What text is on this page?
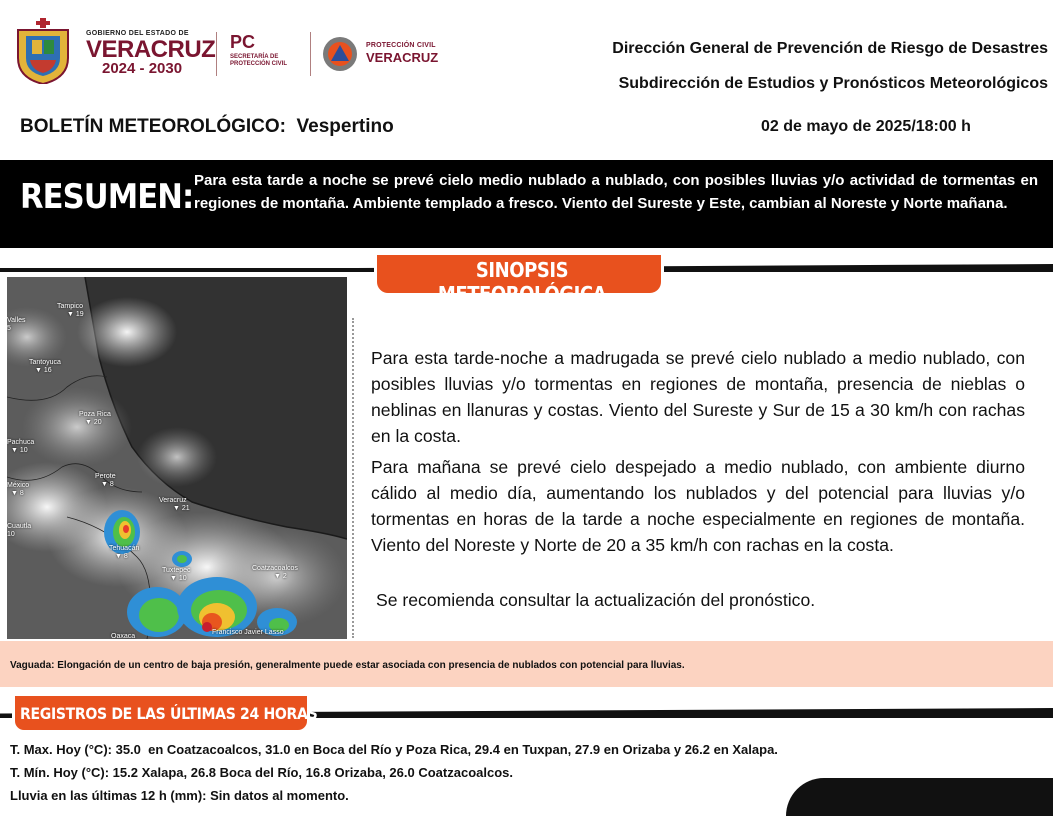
GOBIERNO DEL ESTADO DE
VERACRUZ
2024 - 2030
PC
SECRETARÍA DE PROTECCIÓN CIVIL
PROTECCIÓN CIVIL
VERACRUZ
Dirección General de Prevención de Riesgo de Desastres
Subdirección de Estudios y Pronósticos Meteorológicos
BOLETÍN METEOROLÓGICO:  Vespertino	02 de mayo de 2025/18:00 h
RESUMEN: Para esta tarde a noche se prevé cielo medio nublado a nublado, con posibles lluvias y/o actividad de tormentas en regiones de montaña. Ambiente templado a fresco. Viento del Sureste y Este, cambian al Noreste y Norte mañana.
SINOPSIS METEOROLÓGICA
Tampico
▼ 19
Valles
5
Tantoyuca
▼ 16
Poza Rica
▼ 20
Pachuca
▼ 10
Perote
▼ 8
México
▼ 8
Veracruz
▼ 21
Cuautla
10
Tehuacán
▼ 8
Tuxtepec
▼ 10
Coatzacoalcos
▼ 2
Oaxaca
Francisco Javier Lasso
Para esta tarde-noche a madrugada se prevé cielo nublado a medio nublado, con posibles lluvias y/o tormentas en regiones de montaña, presencia de nieblas o neblinas en llanuras y costas. Viento del Sureste y Sur de 15 a 30 km/h con rachas en la costa.
Para mañana se prevé cielo despejado a medio nublado, con ambiente diurno cálido al medio día, aumentando los nublados y del potencial para lluvias y/o tormentas en horas de la tarde a noche especialmente en regiones de montaña. Viento del Noreste y Norte de 20 a 35 km/h con rachas en la costa.
Se recomienda consultar la actualización del pronóstico.
Vaguada: Elongación de un centro de baja presión, generalmente puede estar asociada con presencia de nublados con potencial para lluvias.
REGISTROS DE LAS ÚLTIMAS 24 HORAS
T. Max. Hoy (°C): 35.0  en Coatzacoalcos, 31.0 en Boca del Río y Poza Rica, 29.4 en Tuxpan, 27.9 en Orizaba y 26.2 en Xalapa.
T. Mín. Hoy (°C): 15.2 Xalapa, 26.8 Boca del Río, 16.8 Orizaba, 26.0 Coatzacoalcos.
Lluvia en las últimas 12 h (mm): Sin datos al momento.
